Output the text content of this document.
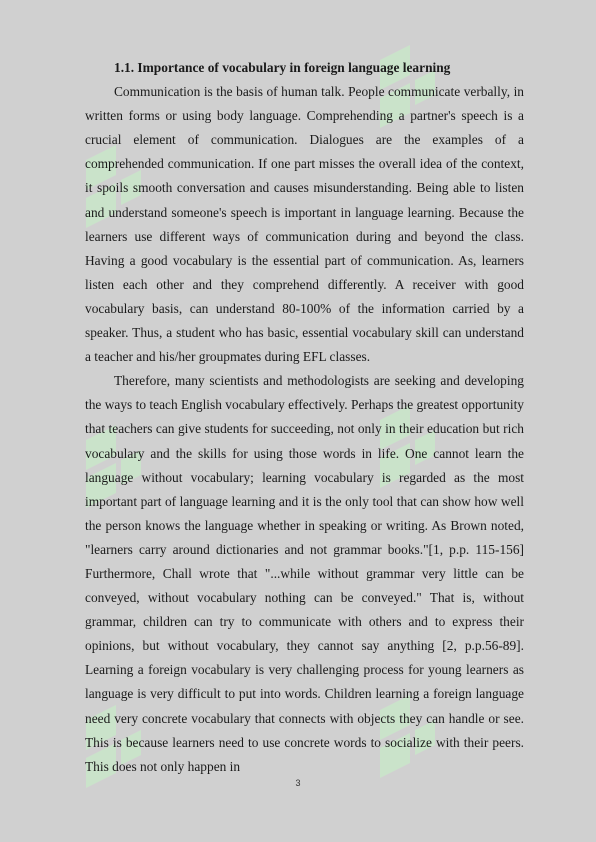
1.1. Importance of vocabulary in foreign language learning

Communication is the basis of human talk. People communicate verbally, in written forms or using body language. Comprehending a partner's speech is a crucial element of communication. Dialogues are the examples of a comprehended communication. If one part misses the overall idea of the context, it spoils smooth conversation and causes misunderstanding. Being able to listen and understand someone's speech is important in language learning. Because the learners use different ways of communication during and beyond the class. Having a good vocabulary is the essential part of communication. As, learners listen each other and they comprehend differently. A receiver with good vocabulary basis, can understand 80-100% of the information carried by a speaker. Thus, a student who has basic, essential vocabulary skill can understand a teacher and his/her groupmates during EFL classes.

Therefore, many scientists and methodologists are seeking and developing the ways to teach English vocabulary effectively. Perhaps the greatest opportunity that teachers can give students for succeeding, not only in their education but rich vocabulary and the skills for using those words in life. One cannot learn the language without vocabulary; learning vocabulary is regarded as the most important part of language learning and it is the only tool that can show how well the person knows the language whether in speaking or writing. As Brown noted, "learners carry around dictionaries and not grammar books."[1, p.p. 115-156] Furthermore, Chall wrote that "...while without grammar very little can be conveyed, without vocabulary nothing can be conveyed." That is, without grammar, children can try to communicate with others and to express their opinions, but without vocabulary, they cannot say anything [2, p.p.56-89]. Learning a foreign vocabulary is very challenging process for young learners as language is very difficult to put into words. Children learning a foreign language need very concrete vocabulary that connects with objects they can handle or see. This is because learners need to use concrete words to socialize with their peers. This does not only happen in

3
